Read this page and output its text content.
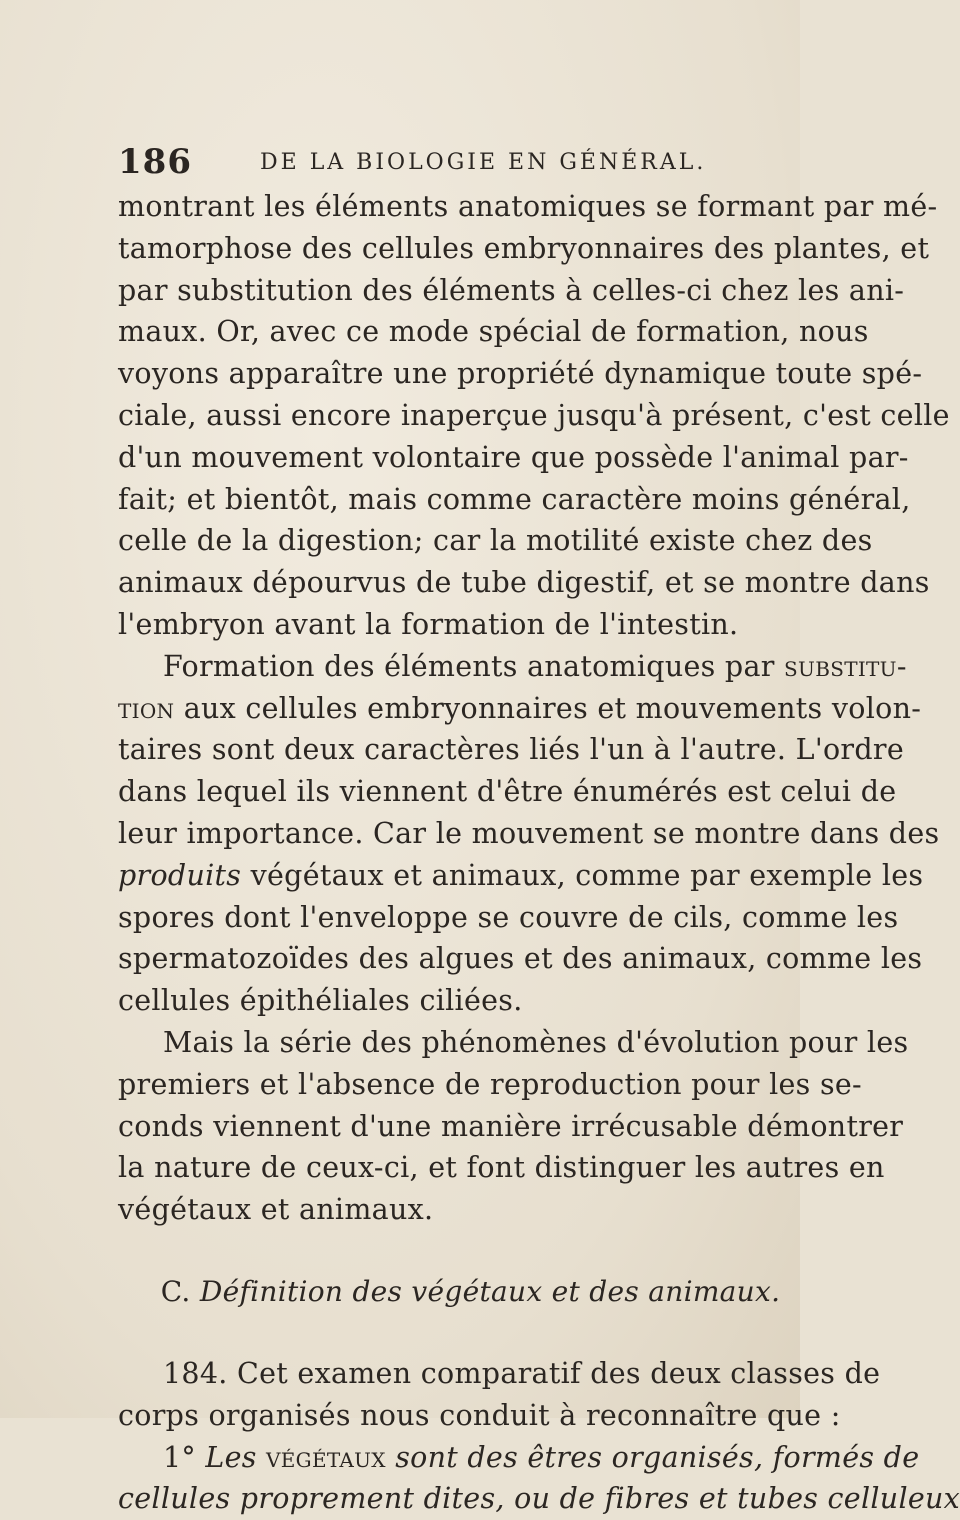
186	DE LA BIOLOGIE EN GÉNÉRAL.
montrant les éléments anatomiques se formant par mé-
tamorphose des cellules embryonnaires des plantes, et
par substitution des éléments à celles-ci chez les ani-
maux. Or, avec ce mode spécial de formation, nous
voyons apparaître une propriété dynamique toute spé-
ciale, aussi encore inaperçue jusqu'à présent, c'est celle
d'un mouvement volontaire que possède l'animal par-
fait; et bientôt, mais comme caractère moins général,
celle de la digestion; car la motilité existe chez des
animaux dépourvus de tube digestif, et se montre dans
l'embryon avant la formation de l'intestin.
Formation des éléments anatomiques par substitu-
tion aux cellules embryonnaires et mouvements volon-
taires sont deux caractères liés l'un à l'autre. L'ordre
dans lequel ils viennent d'être énumérés est celui de
leur importance. Car le mouvement se montre dans des
produits végétaux et animaux, comme par exemple les
spores dont l'enveloppe se couvre de cils, comme les
spermatozoïdes des algues et des animaux, comme les
cellules épithéliales ciliées.
Mais la série des phénomènes d'évolution pour les
premiers et l'absence de reproduction pour les se-
conds viennent d'une manière irrécusable démontrer
la nature de ceux-ci, et font distinguer les autres en
végétaux et animaux.
C. Définition des végétaux et des animaux.
184. Cet examen comparatif des deux classes de
corps organisés nous conduit à reconnaître que :
1° Les végétaux sont des êtres organisés, formés de
cellules proprement dites, ou de fibres et tubes celluleux
